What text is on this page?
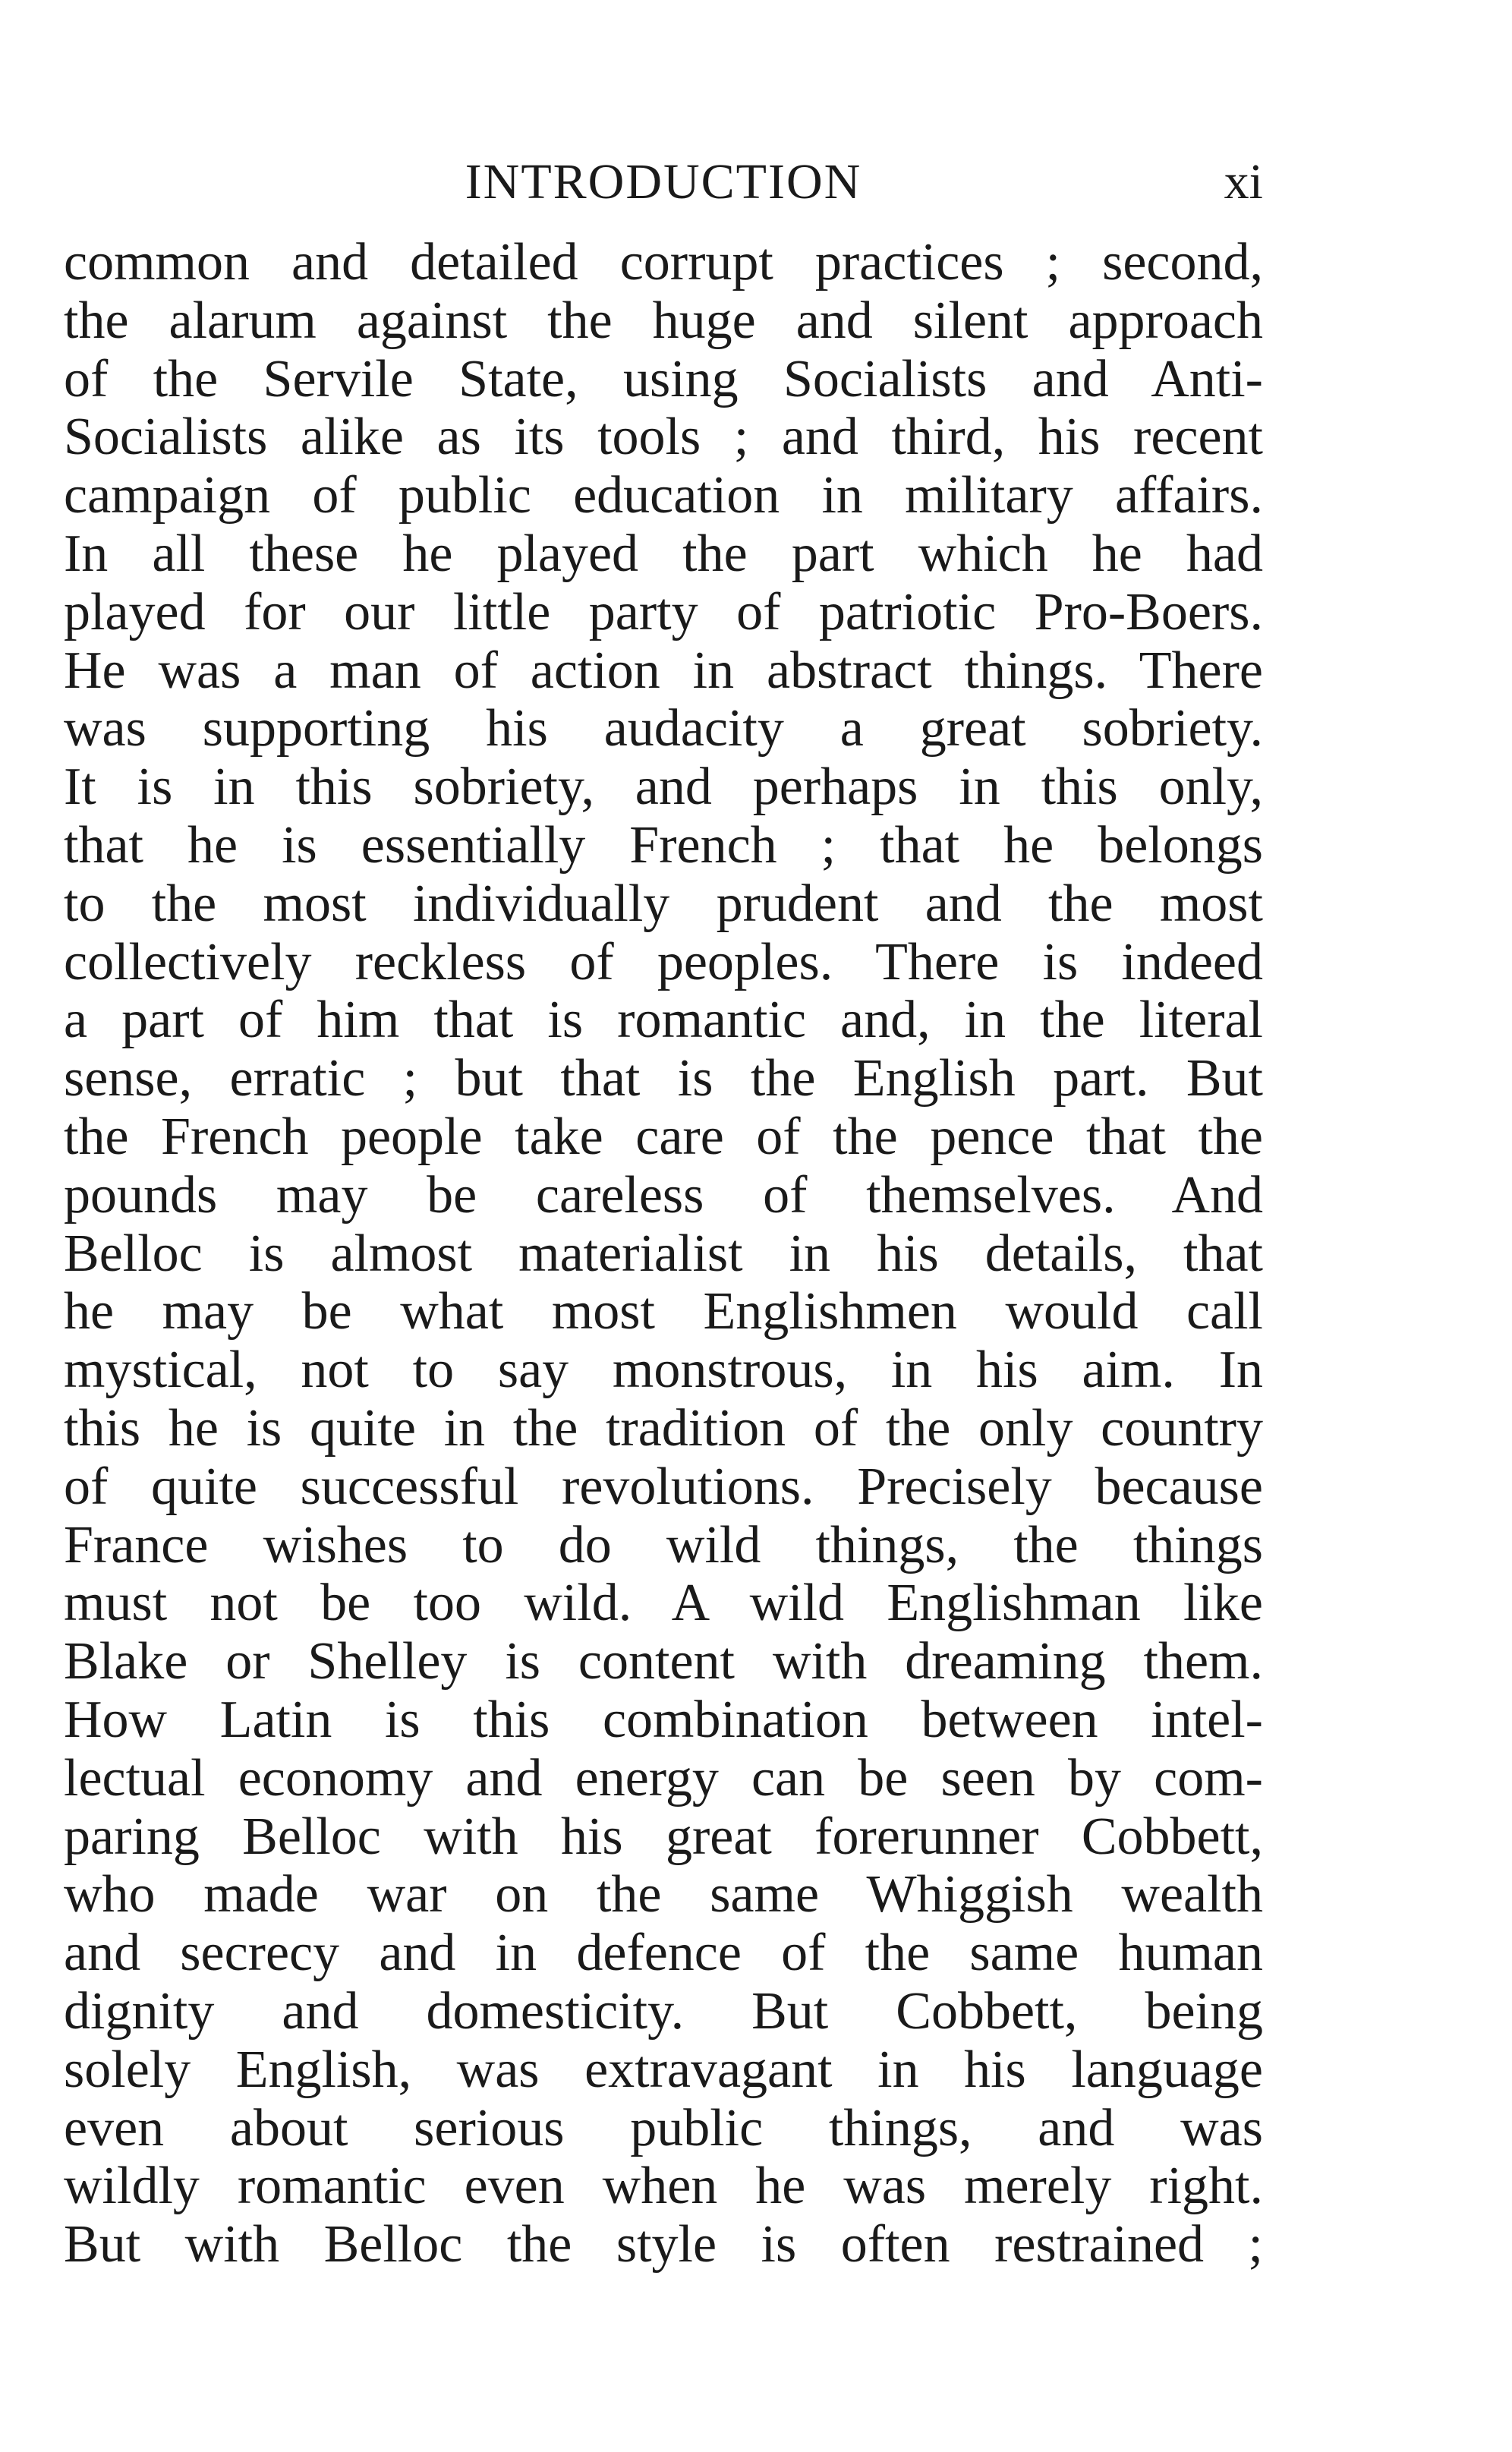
INTRODUCTION	xi
common and detailed corrupt practices ; second,
the alarum against the huge and silent approach
of the Servile State, using Socialists and Anti-
Socialists alike as its tools ; and third, his recent
campaign of public education in military affairs.
In all these he played the part which he had
played for our little party of patriotic Pro-Boers.
He was a man of action in abstract things. There
was supporting his audacity a great sobriety.
It is in this sobriety, and perhaps in this only,
that he is essentially French ; that he belongs
to the most individually prudent and the most
collectively reckless of peoples. There is indeed
a part of him that is romantic and, in the literal
sense, erratic ; but that is the English part. But
the French people take care of the pence that the
pounds may be careless of themselves. And
Belloc is almost materialist in his details, that
he may be what most Englishmen would call
mystical, not to say monstrous, in his aim. In
this he is quite in the tradition of the only country
of quite successful revolutions. Precisely because
France wishes to do wild things, the things
must not be too wild. A wild Englishman like
Blake or Shelley is content with dreaming them.
How Latin is this combination between intel-
lectual economy and energy can be seen by com-
paring Belloc with his great forerunner Cobbett,
who made war on the same Whiggish wealth
and secrecy and in defence of the same human
dignity and domesticity. But Cobbett, being
solely English, was extravagant in his language
even about serious public things, and was
wildly romantic even when he was merely right.
But with Belloc the style is often restrained ;
